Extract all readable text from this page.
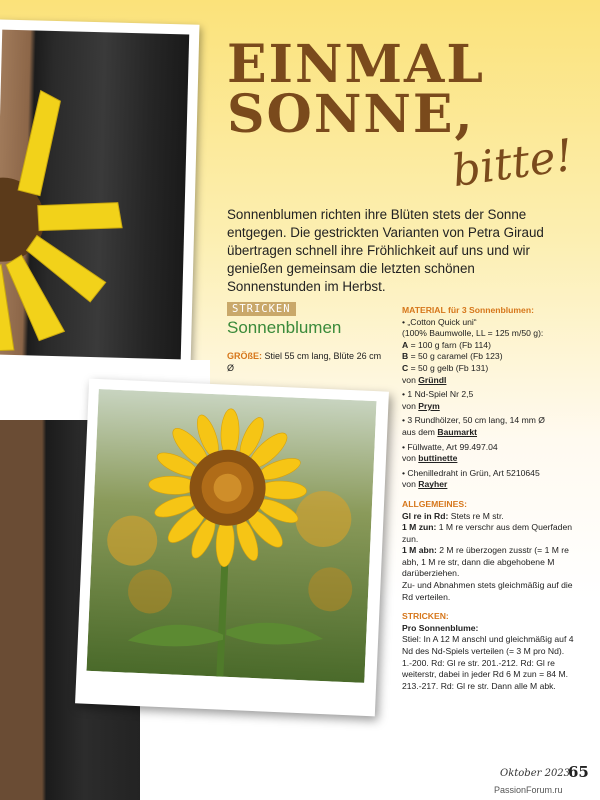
EINMAL
SONNE,
bitte!
Sonnenblumen richten ihre Blüten stets der Sonne entgegen. Die gestrickten Varianten von Petra Giraud übertragen schnell ihre Fröhlichkeit auf uns und wir genießen gemeinsam die letzten schönen Sonnenstunden im Herbst.
STRICKEN
Sonnenblumen
GRÖßE: Stiel 55 cm lang, Blüte 26 cm Ø

MATERIAL für 3 Sonnenblumen:
• „Cotton Quick uni“
(100% Baumwolle, LL = 125 m/50 g):
A = 100 g farn (Fb 114)
B = 50 g caramel (Fb 123)
C = 50 g gelb (Fb 131)
von Gründl

• 1 Nd-Spiel Nr 2,5
von Prym

• 3 Rundhölzer, 50 cm lang, 14 mm Ø
aus dem Baumarkt

• Füllwatte, Art 99.497.04
von buttinette

• Chenilledraht in Grün, Art 5210645
von Rayher

ALLGEMEINES:
Gl re in Rd: Stets re M str.
1 M zun: 1 M re verschr aus dem Querfaden zun.
1 M abn: 2 M re überzogen zusstr (= 1 M re abh, 1 M re str, dann die abgehobene M darüberziehen.
Zu- und Abnahmen stets gleichmäßig auf die Rd verteilen.

STRICKEN:
Pro Sonnenblume:
Stiel: In A 12 M anschl und gleichmäßig auf 4 Nd des Nd-Spiels verteilen (= 3 M pro Nd). 1.-200. Rd: Gl re str. 201.-212. Rd: Gl re weiterstr, dabei in jeder Rd 6 M zun = 84 M. 213.-217. Rd: Gl re str. Dann alle M abk.

Oktober 2023
65
PassionForum.ru
